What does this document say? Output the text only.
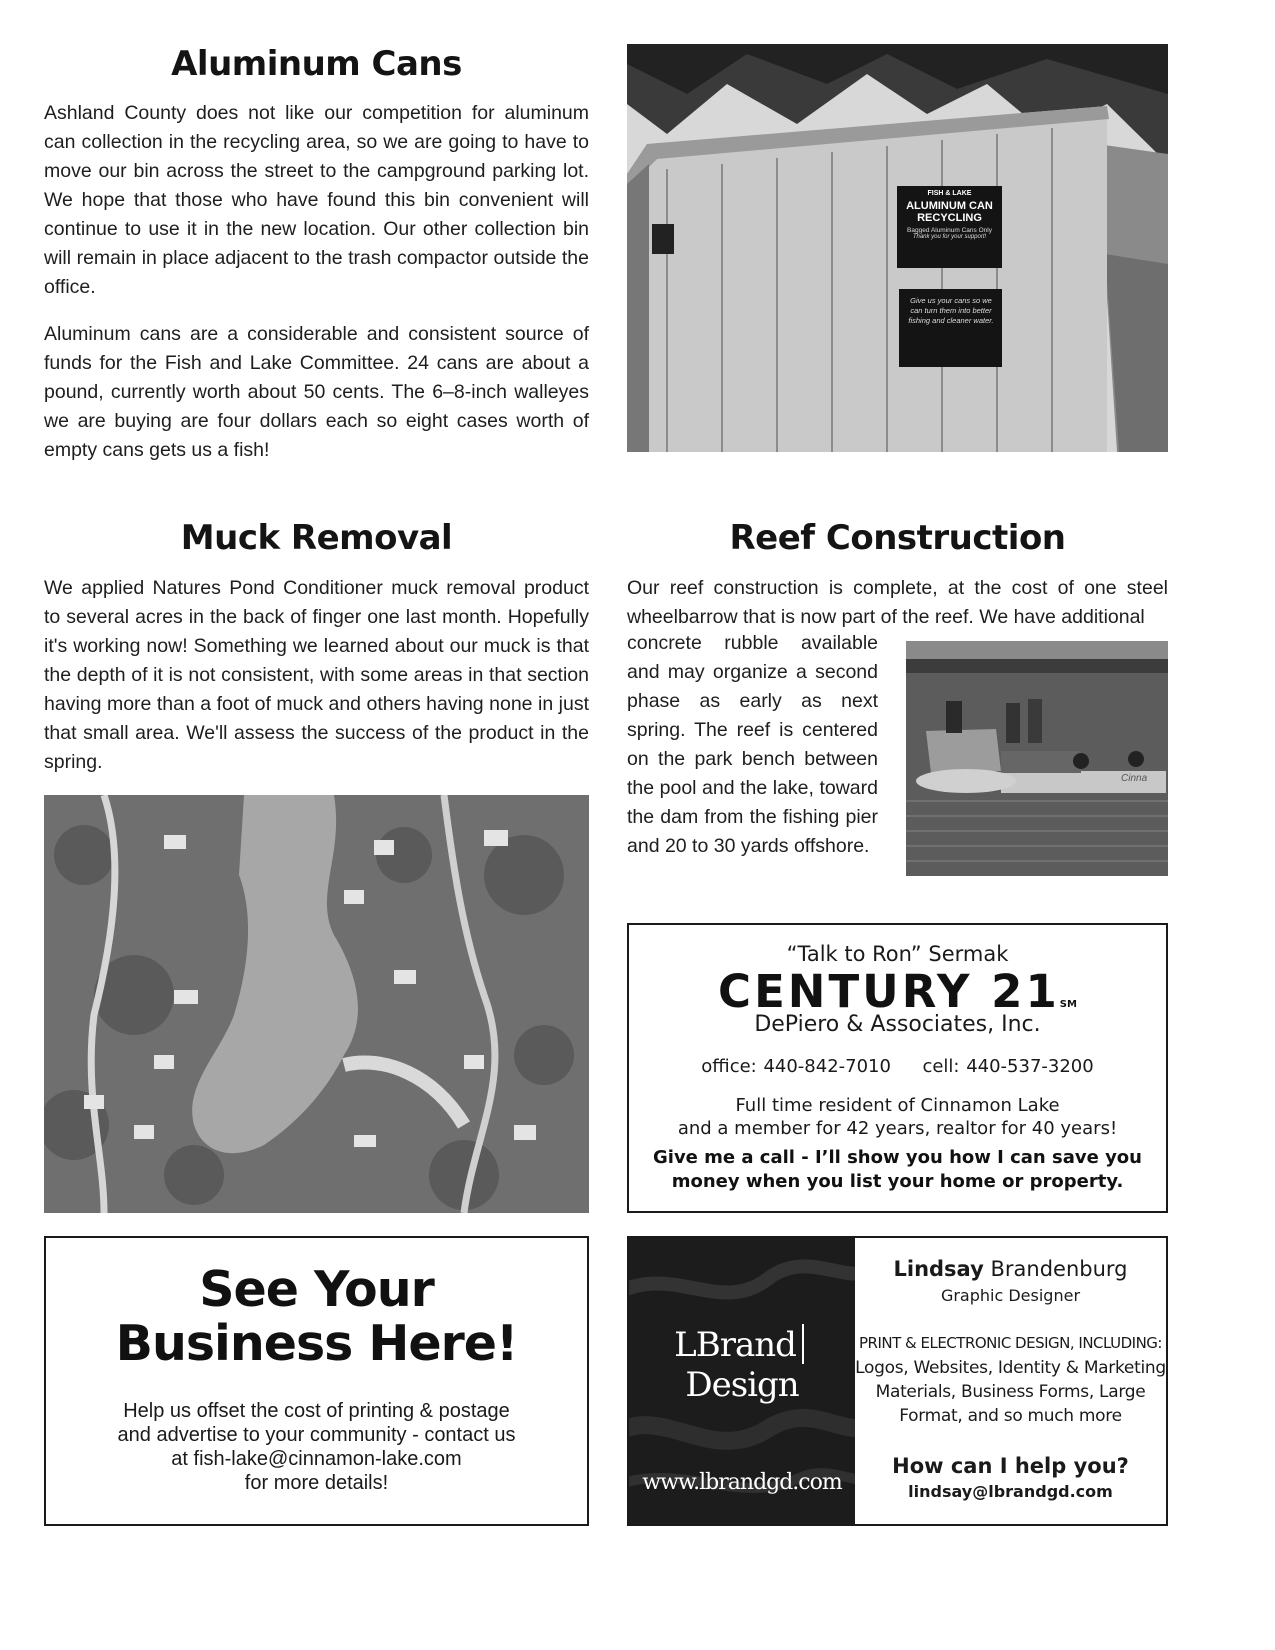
Aluminum Cans

Ashland County does not like our competition for aluminum can collection in the recycling area, so we are going to have to move our bin across the street to the campground parking lot. We hope that those who have found this bin convenient will continue to use it in the new location. Our other collection bin will remain in place adjacent to the trash compactor outside the office.

Aluminum cans are a considerable and consistent source of funds for the Fish and Lake Committee. 24 cans are about a pound, currently worth about 50 cents. The 6–8-inch walleyes we are buying are four dollars each so eight cases worth of empty cans gets us a fish!

FISH & LAKE
ALUMINUM CAN RECYCLING
Bagged Aluminum Cans Only
Thank you for your support!
Give us your cans so we can turn them into better fishing and cleaner water.
Muck Removal

We applied Natures Pond Conditioner muck removal product to several acres in the back of finger one last month. Hopefully it's working now! Something we learned about our muck is that the depth of it is not consistent, with some areas in that section having more than a foot of muck and others having none in just that small area. We'll assess the success of the product in the spring.

Reef Construction

Our reef construction is complete, at the cost of one steel wheelbarrow that is now part of the reef. We have additional

concrete rubble available and may organize a second phase as early as next spring. The reef is centered on the park bench between the pool and the lake, toward the dam from the fishing pier and 20 to 30 yards offshore.

Cinna
“Talk to Ron” Sermak
CENTURY 21SM
DePiero & Associates, Inc.
office: 440-842-7010 cell: 440-537-3200
Full time resident of Cinnamon Lake
and a member for 42 years, realtor for 40 years!
Give me a call - I’ll show you how I can save you
money when you list your home or property.
See Your
Business Here!
Help us offset the cost of printing & postage
and advertise to your community - contact us
at fish-lake@cinnamon-lake.com
for more details!
LBrandDesign
www.lbrandgd.com
Lindsay Brandenburg
Graphic Designer
PRINT & ELECTRONIC DESIGN, INCLUDING:
Logos, Websites, Identity & Marketing
Materials, Business Forms, Large
Format, and so much more
How can I help you?
lindsay@lbrandgd.com
